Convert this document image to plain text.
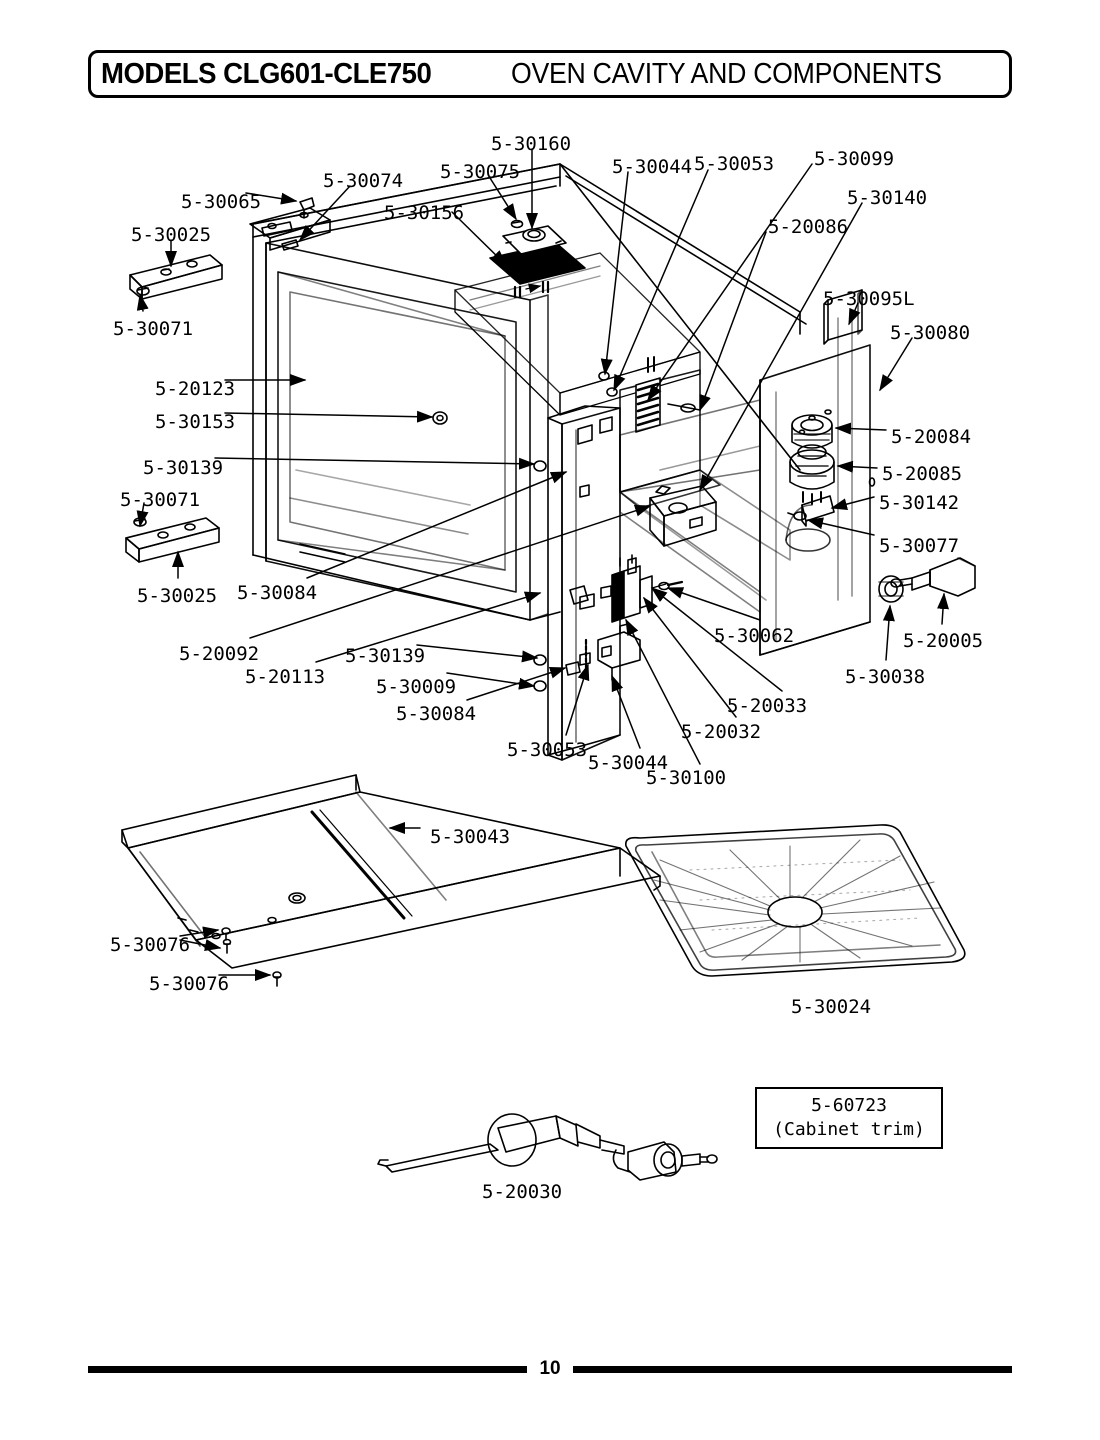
MODELS CLG601-CLE750	OVEN CAVITY AND COMPONENTS
5-30065
5-30074
5-30025
5-30071
5-30156
5-30075
5-30160
5-30044 5-30053 5-30099
5-30140
5-20086
5-30095L
5-30080
5-20123
5-30153
5-30139
5-20084
5-20085
5-30142
5-30077
5-30071
5-30025 5-30084
5-20092
5-20113
5-30139
5-30009
5-30084
5-30053
5-30044
5-30100
5-20032
5-20033
5-30062
5-30038
5-20005
5-30043
5-30076
5-30076
5-30024
5-20030
5-60723
(Cabinet trim)
10
